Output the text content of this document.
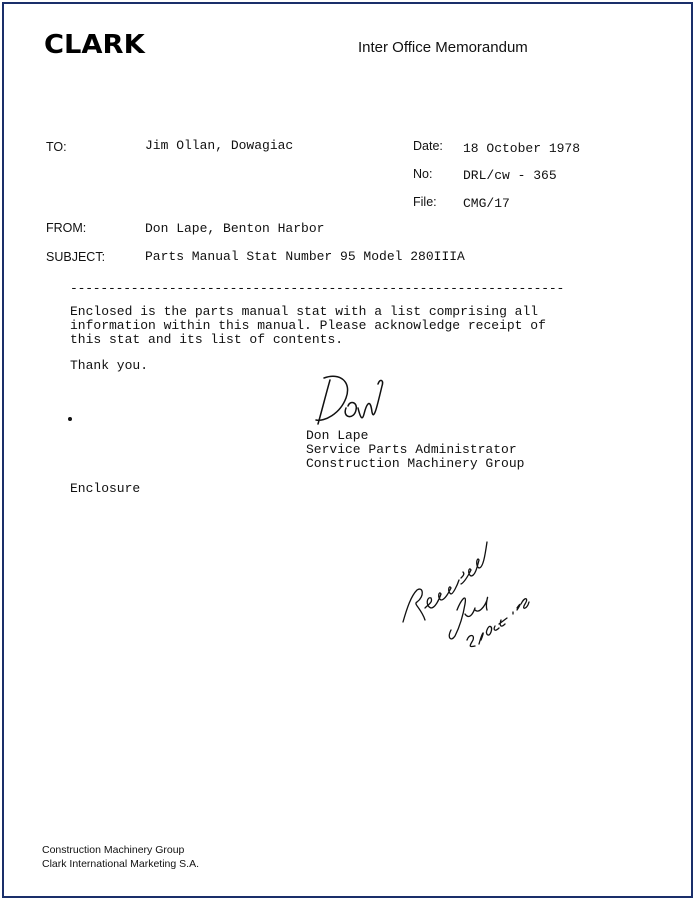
CLARK	Inter Office Memorandum
TO:	Jim Ollan, Dowagiac	Date: 18 October 1978
No: DRL/cw - 365
File: CMG/17
FROM:	Don Lape, Benton Harbor
SUBJECT:	Parts Manual Stat Number 95 Model 280IIIA
-----------------------------------------------------------------
Enclosed is the parts manual stat with a list comprising all
information within this manual. Please acknowledge receipt of
this stat and its list of contents.
Thank you.
Don Lape
Service Parts Administrator
Construction Machinery Group
Enclosure
Construction Machinery Group
Clark International Marketing S.A.
